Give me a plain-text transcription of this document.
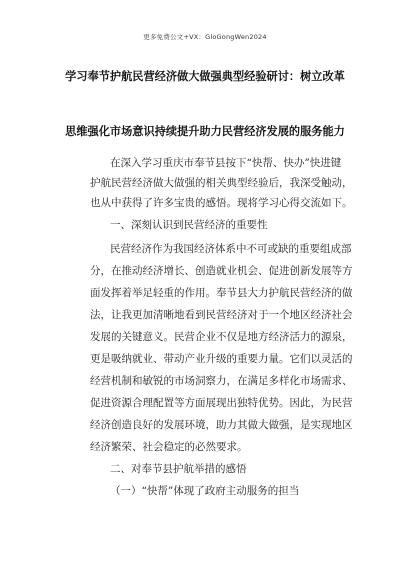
更多免费公文+VX：GloGongWen2024
学习奉节护航民营经济做大做强典型经验研讨：树立改革
思维强化市场意识持续提升助力民营经济发展的服务能力
在深入学习重庆市奉节县按下“快帮、快办”快进键
护航民营经济做大做强的相关典型经验后，我深受触动，
也从中获得了许多宝贵的感悟。现将学习心得交流如下。
一、深刻认识到民营经济的重要性
民营经济作为我国经济体系中不可或缺的重要组成部
分，在推动经济增长、创造就业机会、促进创新发展等方
面发挥着举足轻重的作用。奉节县大力护航民营经济的做
法，让我更加清晰地看到民营经济对于一个地区经济社会
发展的关键意义。民营企业不仅是地方经济活力的源泉，
更是吸纳就业、带动产业升级的重要力量。它们以灵活的
经营机制和敏锐的市场洞察力，在满足多样化市场需求、
促进资源合理配置等方面展现出独特优势。因此，为民营
经济创造良好的发展环境，助力其做大做强，是实现地区
经济繁荣、社会稳定的必然要求。
二、对奉节县护航举措的感悟
（一）“快帮”体现了政府主动服务的担当
